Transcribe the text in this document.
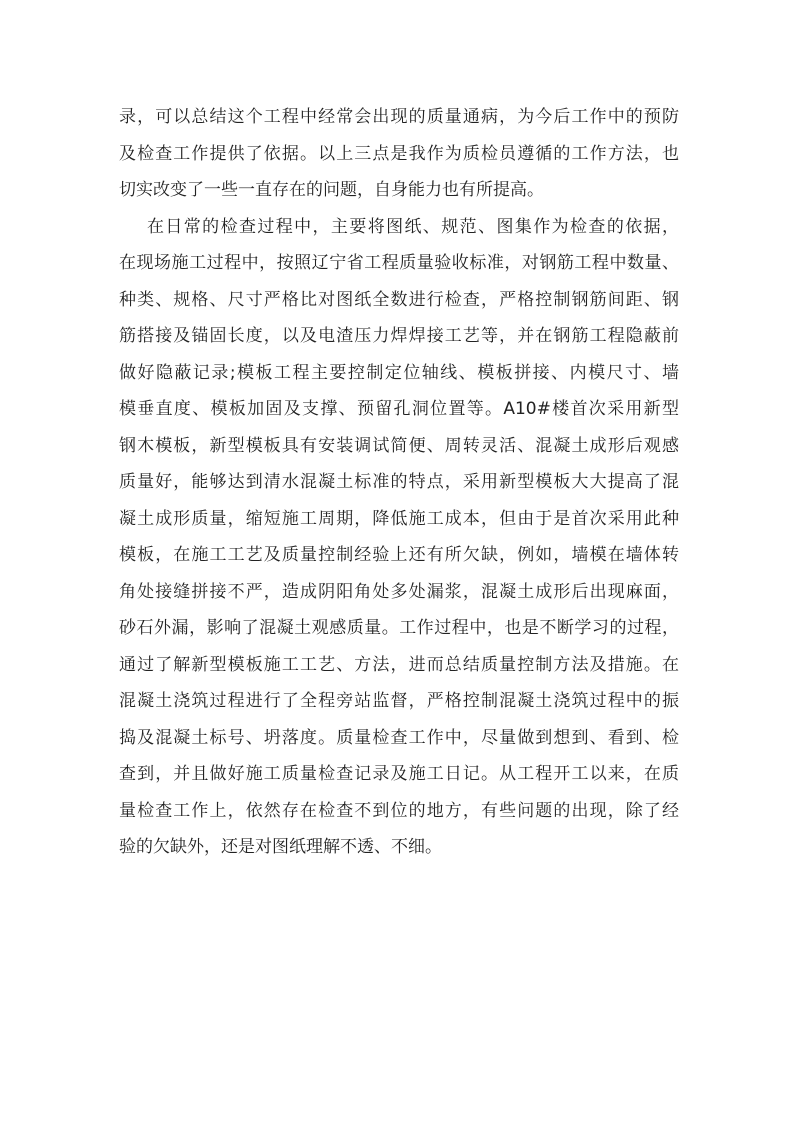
录，可以总结这个工程中经常会出现的质量通病，为今后工作中的预防
及检查工作提供了依据。以上三点是我作为质检员遵循的工作方法，也
切实改变了一些一直存在的问题，自身能力也有所提高。
在日常的检查过程中，主要将图纸、规范、图集作为检查的依据，
在现场施工过程中，按照辽宁省工程质量验收标准，对钢筋工程中数量、
种类、规格、尺寸严格比对图纸全数进行检查，严格控制钢筋间距、钢
筋搭接及锚固长度，以及电渣压力焊焊接工艺等，并在钢筋工程隐蔽前
做好隐蔽记录;模板工程主要控制定位轴线、模板拼接、内模尺寸、墙
模垂直度、模板加固及支撑、预留孔洞位置等。A10#楼首次采用新型
钢木模板，新型模板具有安装调试简便、周转灵活、混凝土成形后观感
质量好，能够达到清水混凝土标准的特点，采用新型模板大大提高了混
凝土成形质量，缩短施工周期，降低施工成本，但由于是首次采用此种
模板，在施工工艺及质量控制经验上还有所欠缺，例如，墙模在墙体转
角处接缝拼接不严，造成阴阳角处多处漏浆，混凝土成形后出现麻面，
砂石外漏，影响了混凝土观感质量。工作过程中，也是不断学习的过程，
通过了解新型模板施工工艺、方法，进而总结质量控制方法及措施。在
混凝土浇筑过程进行了全程旁站监督，严格控制混凝土浇筑过程中的振
捣及混凝土标号、坍落度。质量检查工作中，尽量做到想到、看到、检
查到，并且做好施工质量检查记录及施工日记。从工程开工以来，在质
量检查工作上，依然存在检查不到位的地方，有些问题的出现，除了经
验的欠缺外，还是对图纸理解不透、不细。
